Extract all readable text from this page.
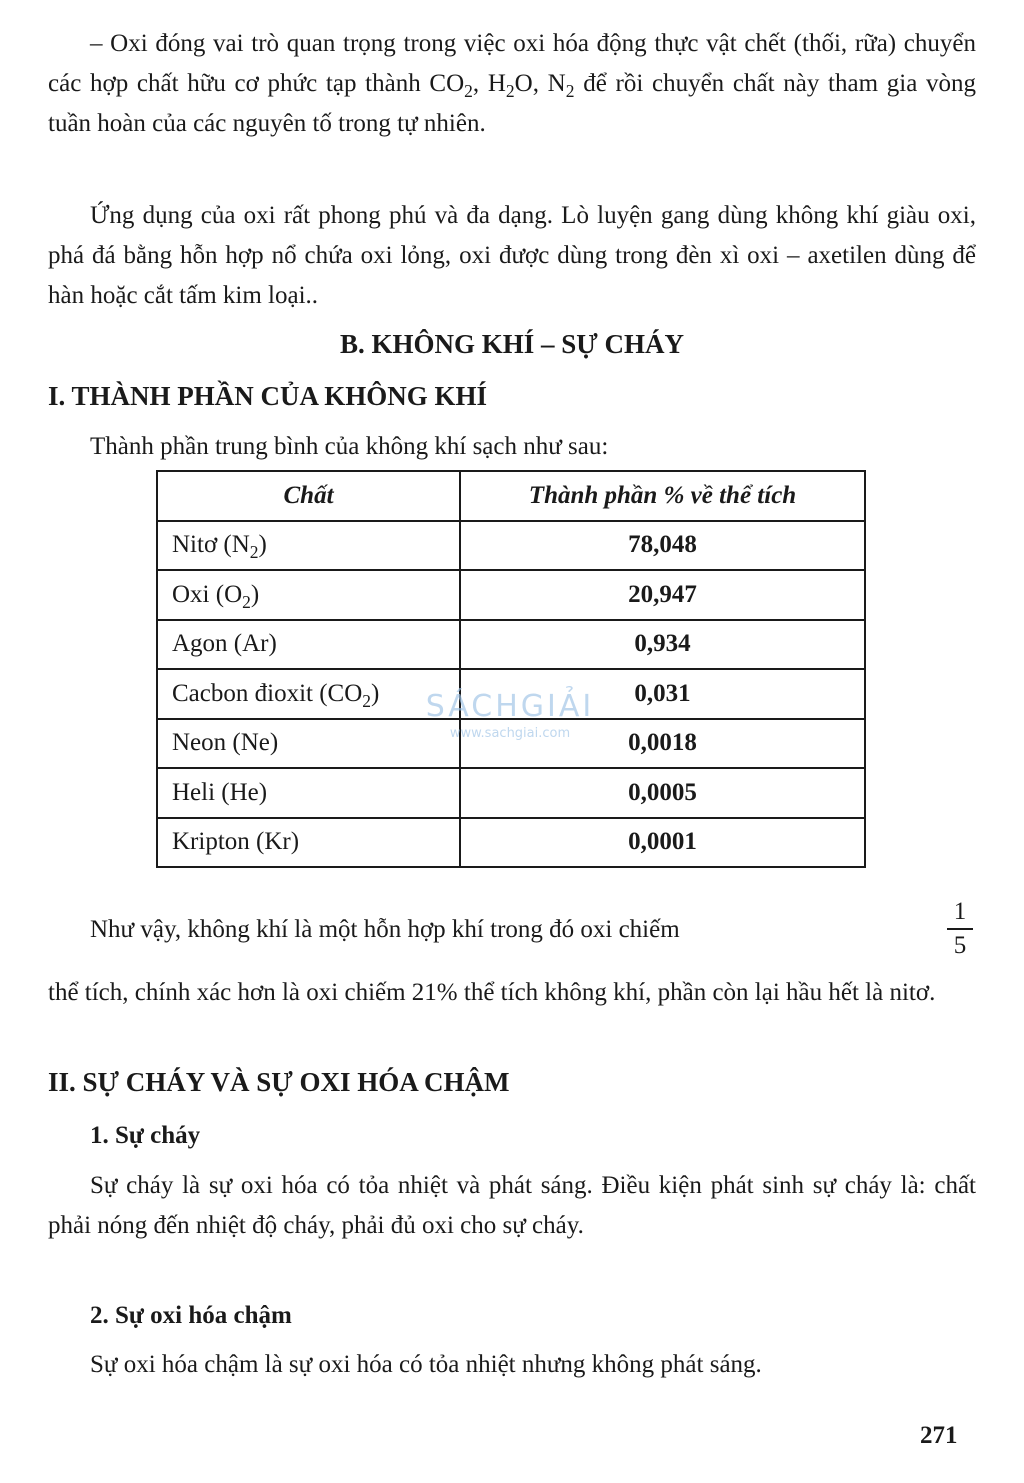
– Oxi đóng vai trò quan trọng trong việc oxi hóa động thực vật chết (thối, rữa) chuyển các hợp chất hữu cơ phức tạp thành $CO_2$, $H_2O$, $N_2$ để rồi chuyển chất này tham gia vòng tuần hoàn của các nguyên tố trong tự nhiên.

Ứng dụng của oxi rất phong phú và đa dạng. Lò luyện gang dùng không khí giàu oxi, phá đá bằng hỗn hợp nổ chứa oxi lỏng, oxi được dùng trong đèn xì oxi – axetilen dùng để hàn hoặc cắt tấm kim loại..

B. KHÔNG KHÍ – SỰ CHÁY
I. THÀNH PHẦN CỦA KHÔNG KHÍ

Thành phần trung bình của không khí sạch như sau:

Chất	Thành phần % về thể tích
Nitơ $(N_2)$	78,048
Oxi $(O_2)$	20,947
Agon (Ar)	0,934
Cacbon đioxit $(CO_2)$	0,031
Neon (Ne)	0,0018
Heli (He)	0,0005
Kripton (Kr)	0,0001
SÁCHGIẢI
www.sachgiai.com

Như vậy, không khí là một hỗn hợp khí trong đó oxi chiếm

1
5

thể tích, chính xác hơn là oxi chiếm 21% thể tích không khí, phần còn lại hầu hết là nitơ.

II. SỰ CHÁY VÀ SỰ OXI HÓA CHẬM
1. Sự cháy

Sự cháy là sự oxi hóa có tỏa nhiệt và phát sáng. Điều kiện phát sinh sự cháy là: chất phải nóng đến nhiệt độ cháy, phải đủ oxi cho sự cháy.

2. Sự oxi hóa chậm

Sự oxi hóa chậm là sự oxi hóa có tỏa nhiệt nhưng không phát sáng.

271
